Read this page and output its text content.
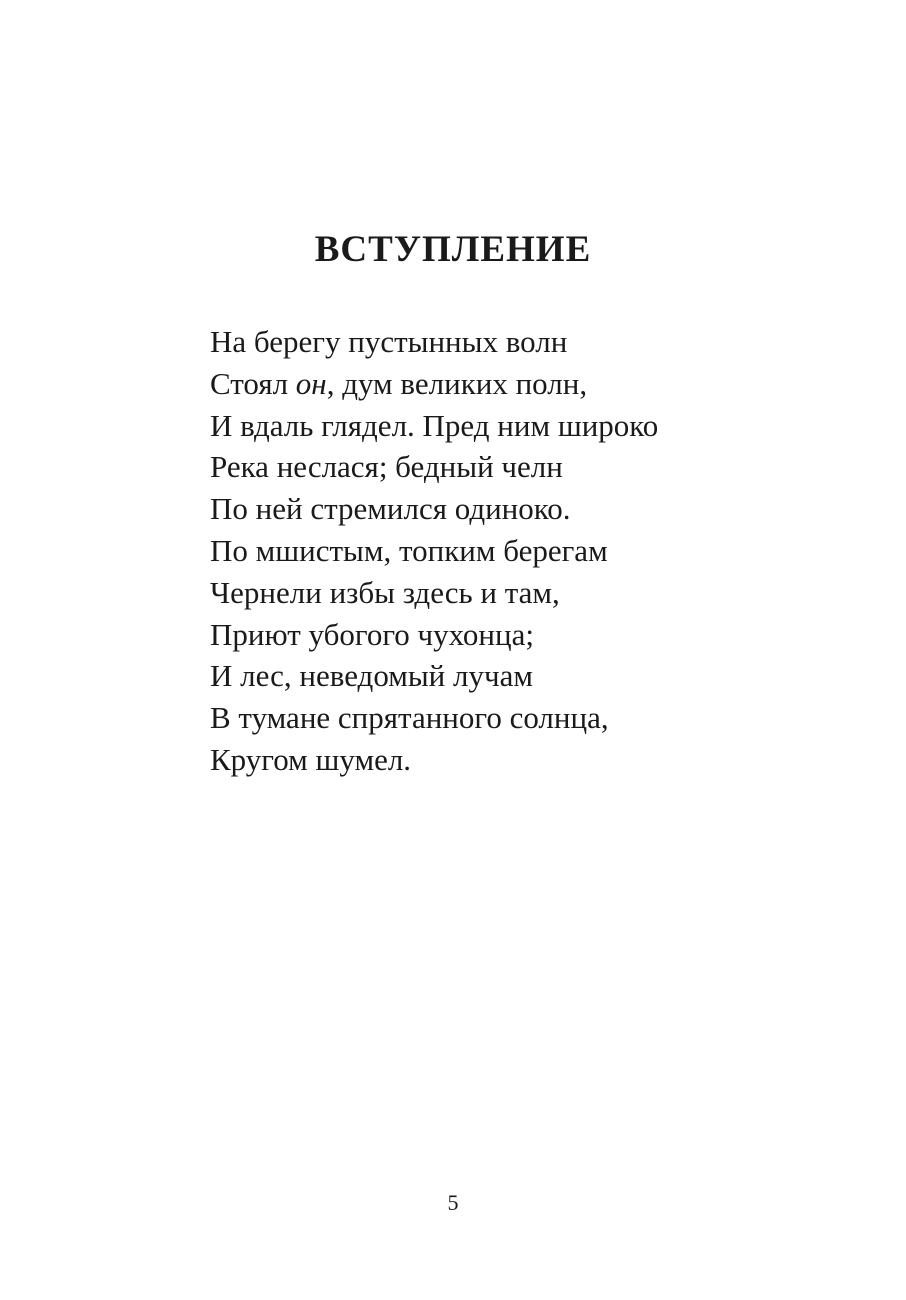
ВСТУПЛЕНИЕ
На берегу пустынных волн
Стоял он, дум великих полн,
И вдаль глядел. Пред ним широко
Река неслася; бедный челн
По ней стремился одиноко.
По мшистым, топким берегам
Чернели избы здесь и там,
Приют убогого чухонца;
И лес, неведомый лучам
В тумане спрятанного солнца,
Кругом шумел.
5
